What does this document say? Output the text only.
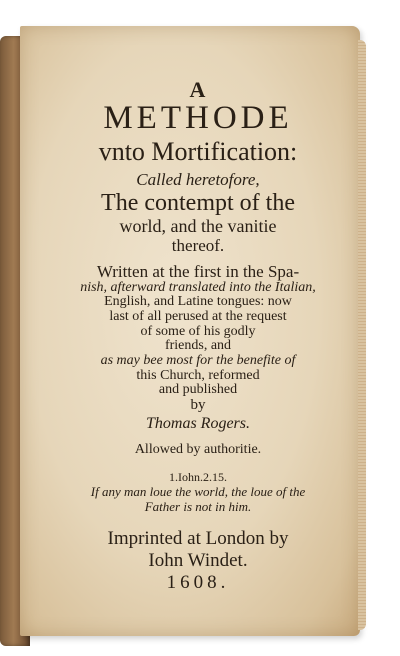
A
METHODE
vnto Mortification:
Called heretofore,
The contempt of the
world, and the vanitie
thereof.
Written at the first in the Spa-
nish, afterward translated into the Italian,
English, and Latine tongues: now
last of all perused at the request
of some of his godly
friends, and
as may bee most for the benefite of
this Church, reformed
and published
by
Thomas Rogers.
Allowed by authoritie.
1.Iohn.2.15.
If any man loue the world, the loue of the
Father is not in him.
Imprinted at London by
Iohn Windet.
1608.
